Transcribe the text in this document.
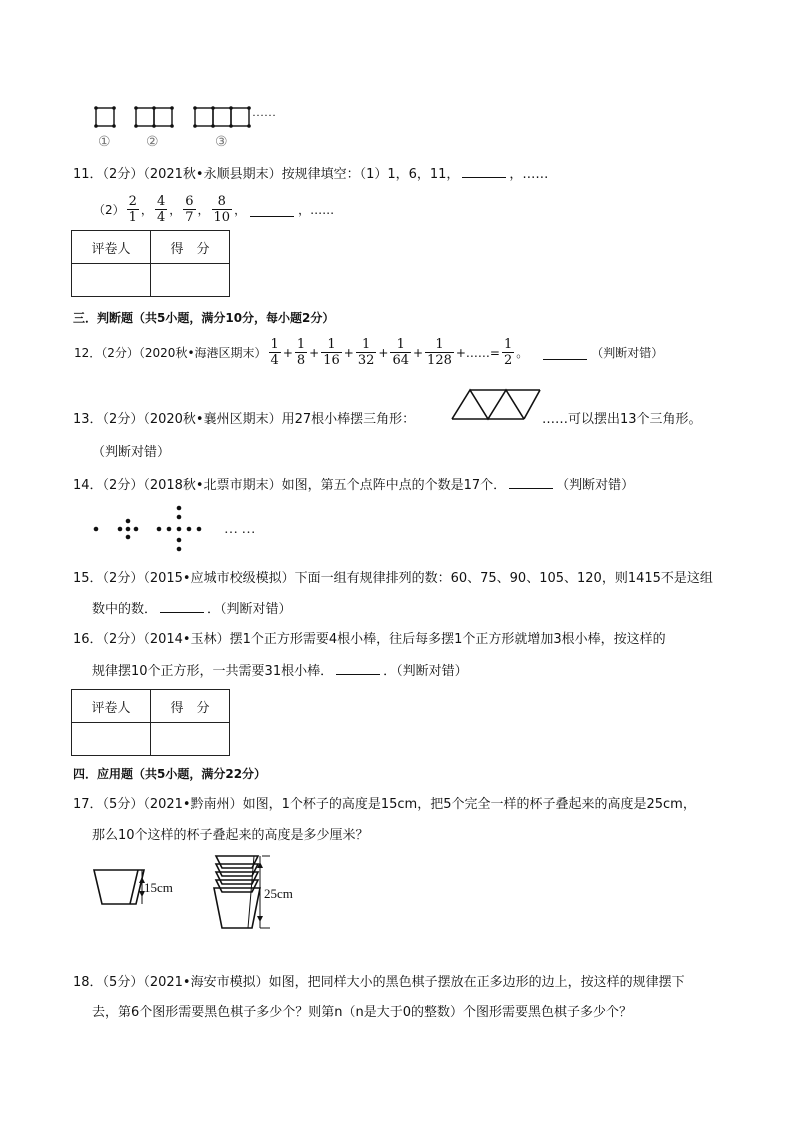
①	②	③
……
11．（2分）（2021秋•永顺县期末）按规律填空：（1）1，6，11，	，……
$(2) \frac{2}{1}$ ， $\frac{4}{4}$ ， $\frac{6}{7}$ ， $\frac{8}{10}$ ，	，……
评卷人	得　分

三．判断题（共5小题，满分10分，每小题2分）
12．（2分）（2020秋•海港区期末） $\frac{1}{4} + \frac{1}{8} + \frac{1}{16} + \frac{1}{32} + \frac{1}{64} + \frac{1}{128}$ +……= $\frac{1}{2}$ 。	（判断对错）
13．（2分）（2020秋•襄州区期末）用27根小棒摆三角形：	……可以摆出13个三角形。
（判断对错）
14．（2分）（2018秋•北票市期末）如图，第五个点阵中点的个数是17个．	（判断对错）
… …
15．（2分）（2015•应城市校级模拟）下面一组有规律排列的数：60、75、90、105、120，则1415不是这组
数中的数．	．（判断对错）
16．（2分）（2014•玉林）摆1个正方形需要4根小棒，往后每多摆1个正方形就增加3根小棒，按这样的
规律摆10个正方形，一共需要31根小棒．	．（判断对错）
评卷人	得　分

四．应用题（共5小题，满分22分）
17．（5分）（2021•黔南州）如图，1个杯子的高度是15cm，把5个完全一样的杯子叠起来的高度是25cm，
那么10个这样的杯子叠起来的高度是多少厘米？
15cm	25cm
18．（5分）（2021•海安市模拟）如图，把同样大小的黑色棋子摆放在正多边形的边上，按这样的规律摆下
去，第6个图形需要黑色棋子多少个？则第n（n是大于0的整数）个图形需要黑色棋子多少个？
